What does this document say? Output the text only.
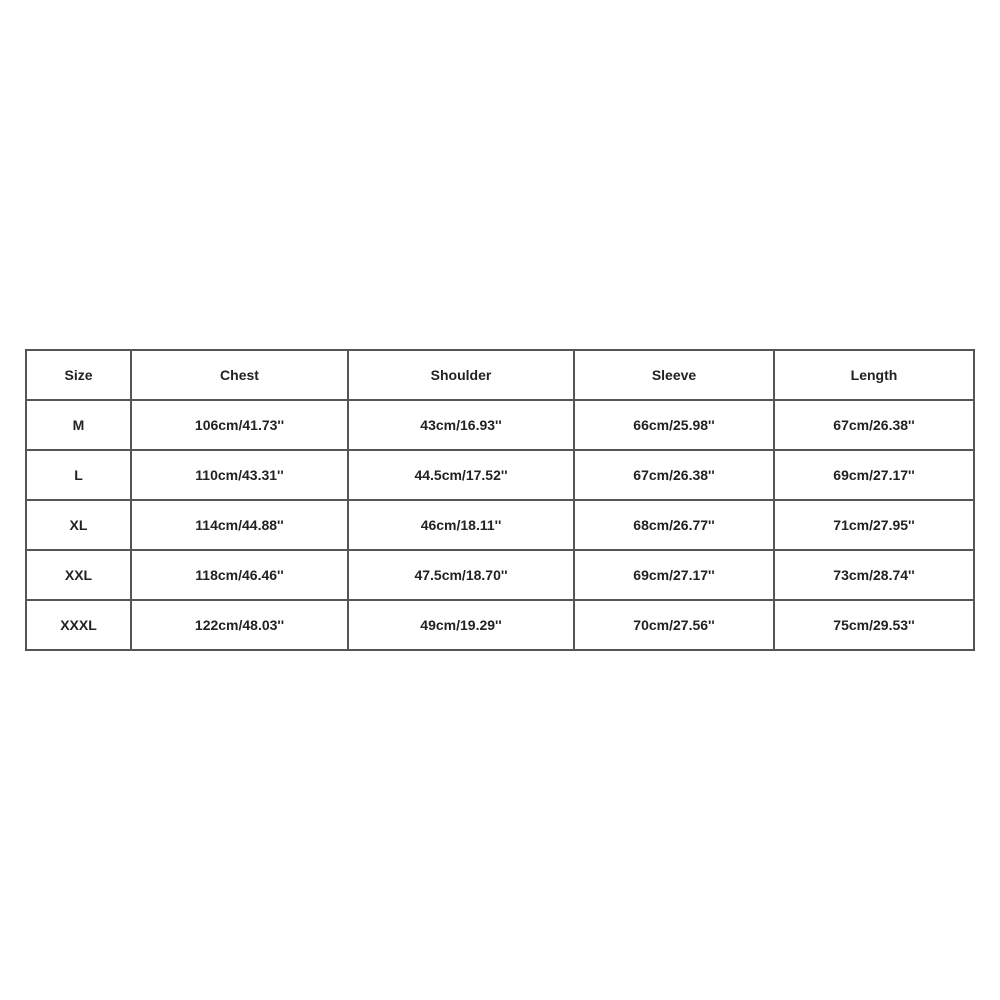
Size	Chest	Shoulder	Sleeve	Length
M	106cm/41.73''	43cm/16.93''	66cm/25.98''	67cm/26.38''
L	110cm/43.31''	44.5cm/17.52''	67cm/26.38''	69cm/27.17''
XL	114cm/44.88''	46cm/18.11''	68cm/26.77''	71cm/27.95''
XXL	118cm/46.46''	47.5cm/18.70''	69cm/27.17''	73cm/28.74''
XXXL	122cm/48.03''	49cm/19.29''	70cm/27.56''	75cm/29.53''
